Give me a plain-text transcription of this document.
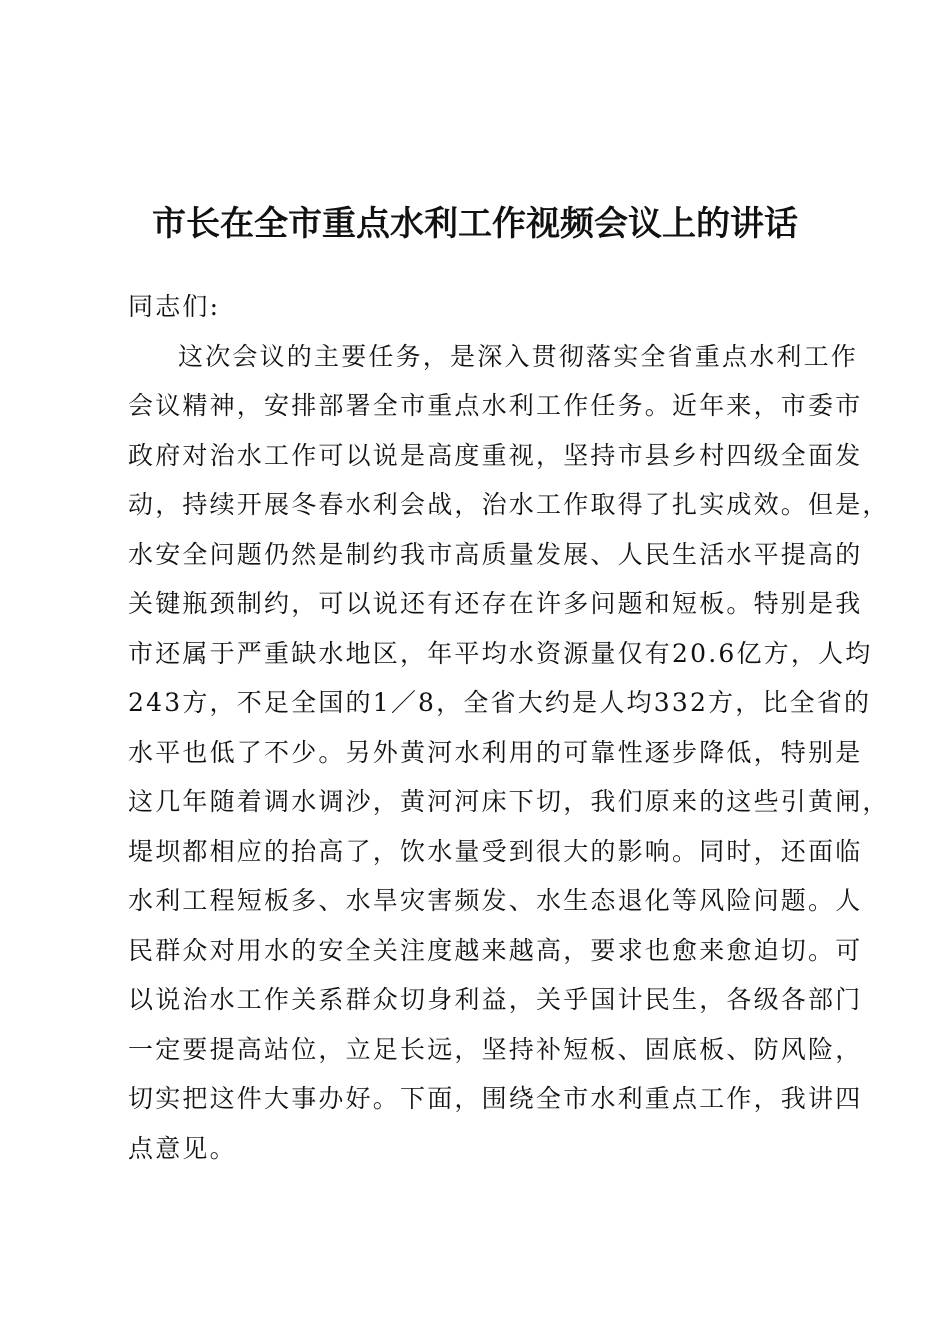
市长在全市重点水利工作视频会议上的讲话
同志们:
这次会议的主要任务，是深入贯彻落实全省重点水利工作
会议精神，安排部署全市重点水利工作任务。近年来，市委市
政府对治水工作可以说是高度重视，坚持市县乡村四级全面发
动，持续开展冬春水利会战，治水工作取得了扎实成效。但是，
水安全问题仍然是制约我市高质量发展、人民生活水平提高的
关键瓶颈制约，可以说还有还存在许多问题和短板。特别是我
市还属于严重缺水地区，年平均水资源量仅有20.6亿方，人均
243方，不足全国的1／8，全省大约是人均332方，比全省的
水平也低了不少。另外黄河水利用的可靠性逐步降低，特别是
这几年随着调水调沙，黄河河床下切，我们原来的这些引黄闸，
堤坝都相应的抬高了，饮水量受到很大的影响。同时，还面临
水利工程短板多、水旱灾害频发、水生态退化等风险问题。人
民群众对用水的安全关注度越来越高，要求也愈来愈迫切。可
以说治水工作关系群众切身利益，关乎国计民生，各级各部门
一定要提高站位，立足长远，坚持补短板、固底板、防风险，
切实把这件大事办好。下面，围绕全市水利重点工作，我讲四
点意见。
